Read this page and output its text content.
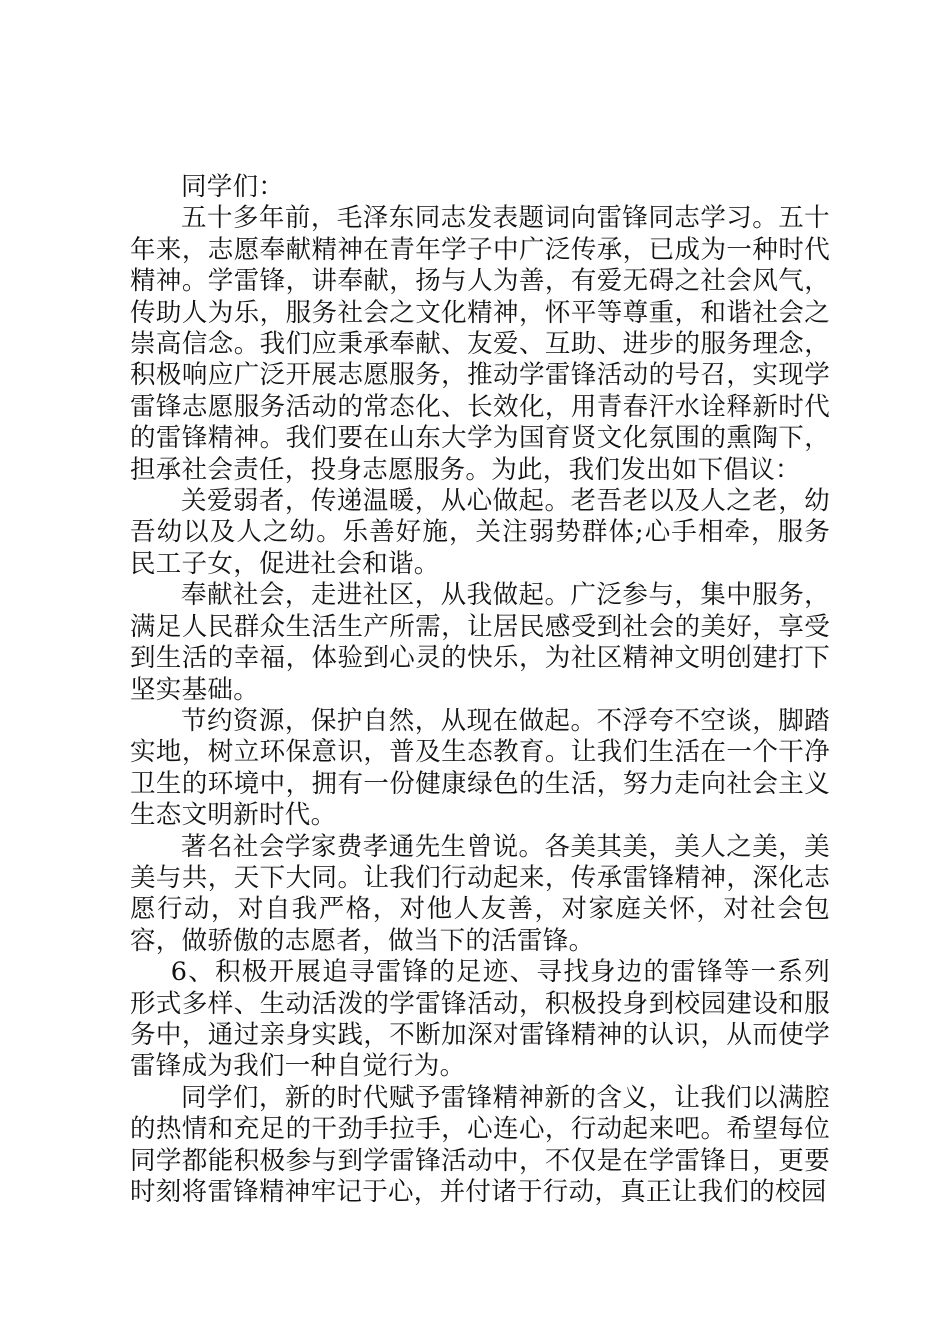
同学们：

五十多年前，毛泽东同志发表题词向雷锋同志学习。五十年来，志愿奉献精神在青年学子中广泛传承，已成为一种时代精神。学雷锋，讲奉献，扬与人为善，有爱无碍之社会风气，传助人为乐，服务社会之文化精神，怀平等尊重，和谐社会之崇高信念。我们应秉承奉献、友爱、互助、进步的服务理念，积极响应广泛开展志愿服务，推动学雷锋活动的号召，实现学雷锋志愿服务活动的常态化、长效化，用青春汗水诠释新时代的雷锋精神。我们要在山东大学为国育贤文化氛围的熏陶下，担承社会责任，投身志愿服务。为此，我们发出如下倡议：

关爱弱者，传递温暖，从心做起。老吾老以及人之老，幼吾幼以及人之幼。乐善好施，关注弱势群体;心手相牵，服务民工子女，促进社会和谐。

奉献社会，走进社区，从我做起。广泛参与，集中服务，满足人民群众生活生产所需，让居民感受到社会的美好，享受到生活的幸福，体验到心灵的快乐，为社区精神文明创建打下坚实基础。

节约资源，保护自然，从现在做起。不浮夸不空谈，脚踏实地，树立环保意识，普及生态教育。让我们生活在一个干净卫生的环境中，拥有一份健康绿色的生活，努力走向社会主义生态文明新时代。

著名社会学家费孝通先生曾说。各美其美，美人之美，美美与共，天下大同。让我们行动起来，传承雷锋精神，深化志愿行动，对自我严格，对他人友善，对家庭关怀，对社会包容，做骄傲的志愿者，做当下的活雷锋。

6、积极开展追寻雷锋的足迹、寻找身边的雷锋等一系列形式多样、生动活泼的学雷锋活动，积极投身到校园建设和服务中，通过亲身实践，不断加深对雷锋精神的认识，从而使学雷锋成为我们一种自觉行为。

同学们，新的时代赋予雷锋精神新的含义，让我们以满腔的热情和充足的干劲手拉手，心连心，行动起来吧。希望每位同学都能积极参与到学雷锋活动中，不仅是在学雷锋日，更要时刻将雷锋精神牢记于心，并付诸于行动，真正让我们的校园
